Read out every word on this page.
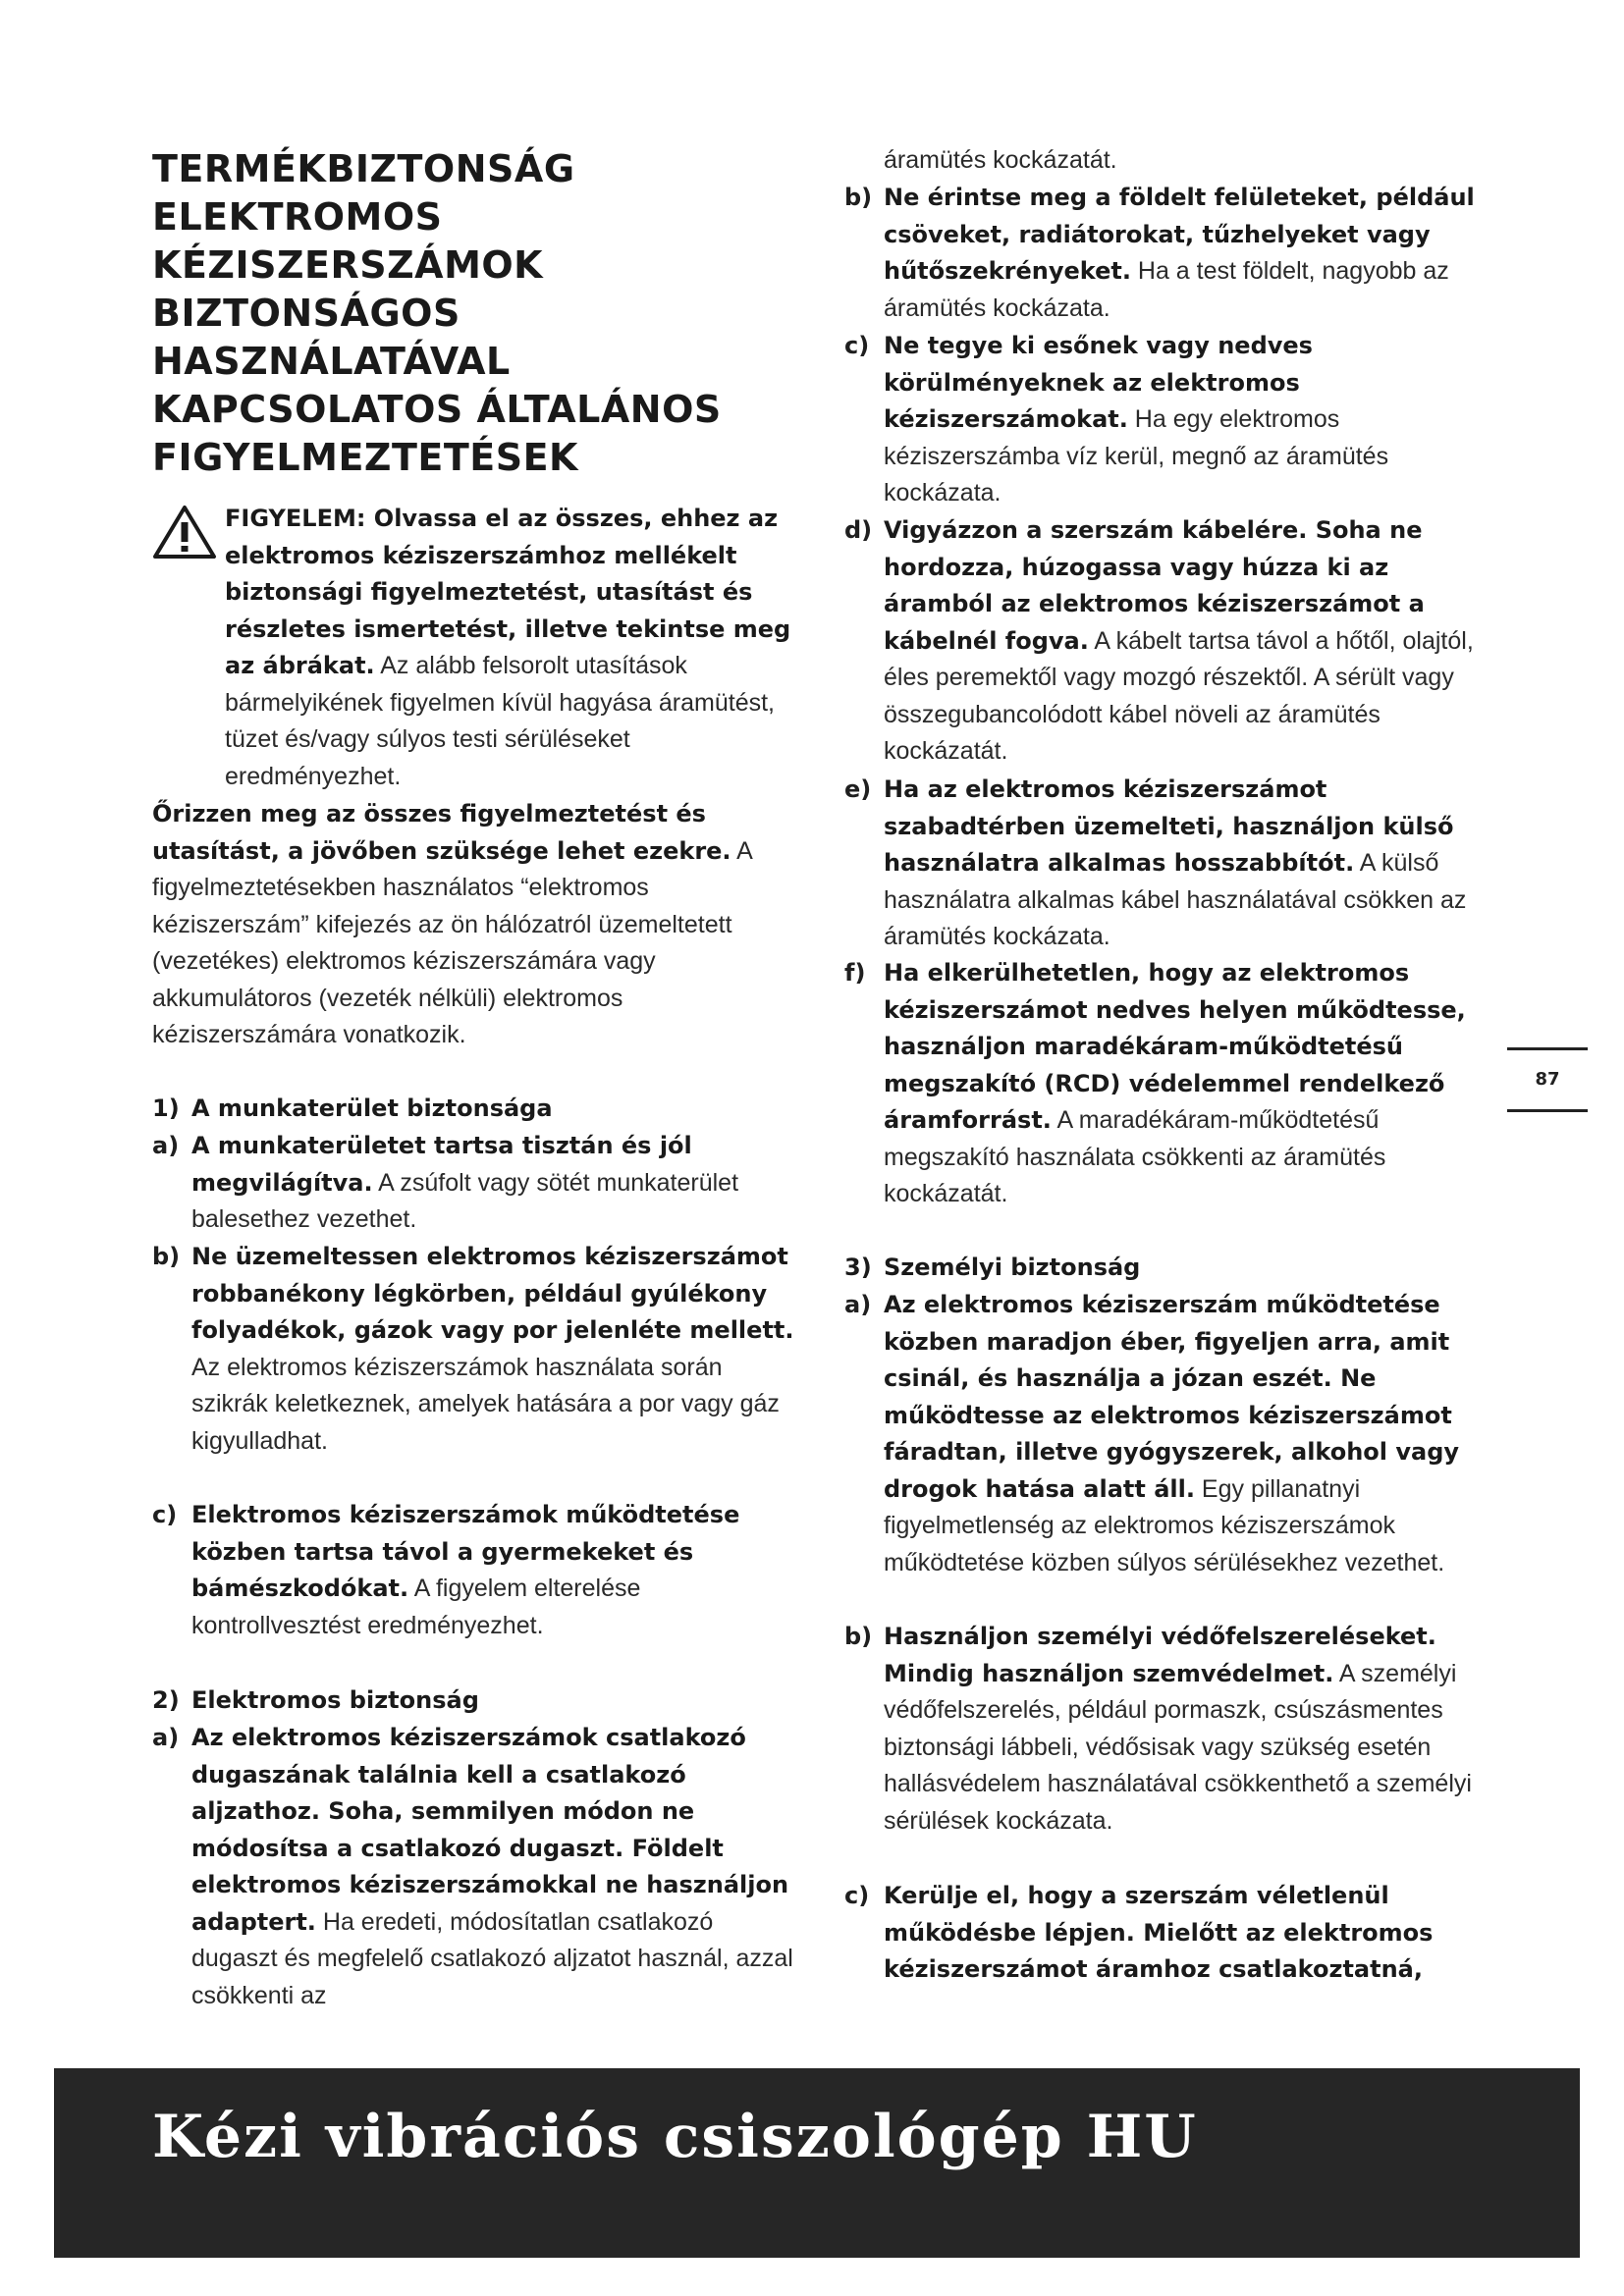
TERMÉKBIZTONSÁG
ELEKTROMOS
KÉZISZERSZÁMOK
BIZTONSÁGOS
HASZNÁLATÁVAL
KAPCSOLATOS ÁLTALÁNOS
FIGYELMEZTETÉSEK
FIGYELEM: Olvassa el az összes, ehhez az elektromos kéziszerszámhoz mellékelt biztonsági figyelmeztetést, utasítást és részletes ismertetést, illetve tekintse meg az ábrákat. Az alább felsorolt utasítások bármelyikének figyelmen kívül hagyása áramütést, tüzet és/vagy súlyos testi sérüléseket eredményezhet.
Őrizzen meg az összes figyelmeztetést és utasítást, a jövőben szüksége lehet ezekre. A figyelmeztetésekben használatos “elektromos kéziszerszám” kifejezés az ön hálózatról üzemeltetett (vezetékes) elektromos kéziszerszámára vagy akkumulátoros (vezeték nélküli) elektromos kéziszerszámára vonatkozik.
1) A munkaterület biztonsága
a) A munkaterületet tartsa tisztán és jól megvilágítva. A zsúfolt vagy sötét munkaterület balesethez vezethet.
b) Ne üzemeltessen elektromos kéziszerszámot robbanékony légkörben, például gyúlékony folyadékok, gázok vagy por jelenléte mellett. Az elektromos kéziszerszámok használata során szikrák keletkeznek, amelyek hatására a por vagy gáz kigyulladhat.
c) Elektromos kéziszerszámok működtetése közben tartsa távol a gyermekeket és bámészkodókat. A figyelem elterelése kontrollvesztést eredményezhet.
2) Elektromos biztonság
a) Az elektromos kéziszerszámok csatlakozó dugaszának találnia kell a csatlakozó aljzathoz. Soha, semmilyen módon ne módosítsa a csatlakozó dugaszt. Földelt elektromos kéziszerszámokkal ne használjon adaptert. Ha eredeti, módosítatlan csatlakozó dugaszt és megfelelő csatlakozó aljzatot használ, azzal csökkenti az
áramütés kockázatát.
b) Ne érintse meg a földelt felületeket, például csöveket, radiátorokat, tűzhelyeket vagy hűtőszekrényeket. Ha a test földelt, nagyobb az áramütés kockázata.
c) Ne tegye ki esőnek vagy nedves körülményeknek az elektromos kéziszerszámokat. Ha egy elektromos kéziszerszámba víz kerül, megnő az áramütés kockázata.
d) Vigyázzon a szerszám kábelére. Soha ne hordozza, húzogassa vagy húzza ki az áramból az elektromos kéziszerszámot a kábelnél fogva. A kábelt tartsa távol a hőtől, olajtól, éles peremektől vagy mozgó részektől. A sérült vagy összegubancolódott kábel növeli az áramütés kockázatát.
e) Ha az elektromos kéziszerszámot szabadtérben üzemelteti, használjon külső használatra alkalmas hosszabbítót. A külső használatra alkalmas kábel használatával csökken az áramütés kockázata.
f) Ha elkerülhetetlen, hogy az elektromos kéziszerszámot nedves helyen működtesse, használjon maradékáram-működtetésű megszakító (RCD) védelemmel rendelkező áramforrást. A maradékáram-működtetésű megszakító használata csökkenti az áramütés kockázatát.
3) Személyi biztonság
a) Az elektromos kéziszerszám működtetése közben maradjon éber, figyeljen arra, amit csinál, és használja a józan eszét. Ne működtesse az elektromos kéziszerszámot fáradtan, illetve gyógyszerek, alkohol vagy drogok hatása alatt áll. Egy pillanatnyi figyelmetlenség az elektromos kéziszerszámok működtetése közben súlyos sérülésekhez vezethet.
b) Használjon személyi védőfelszereléseket. Mindig használjon szemvédelmet. A személyi védőfelszerelés, például pormaszk, csúszásmentes biztonsági lábbeli, védősisak vagy szükség esetén hallásvédelem használatával csökkenthető a személyi sérülések kockázata.
c) Kerülje el, hogy a szerszám véletlenül működésbe lépjen. Mielőtt az elektromos kéziszerszámot áramhoz csatlakoztatná,
87
Kézi vibrációs csiszológép HU
